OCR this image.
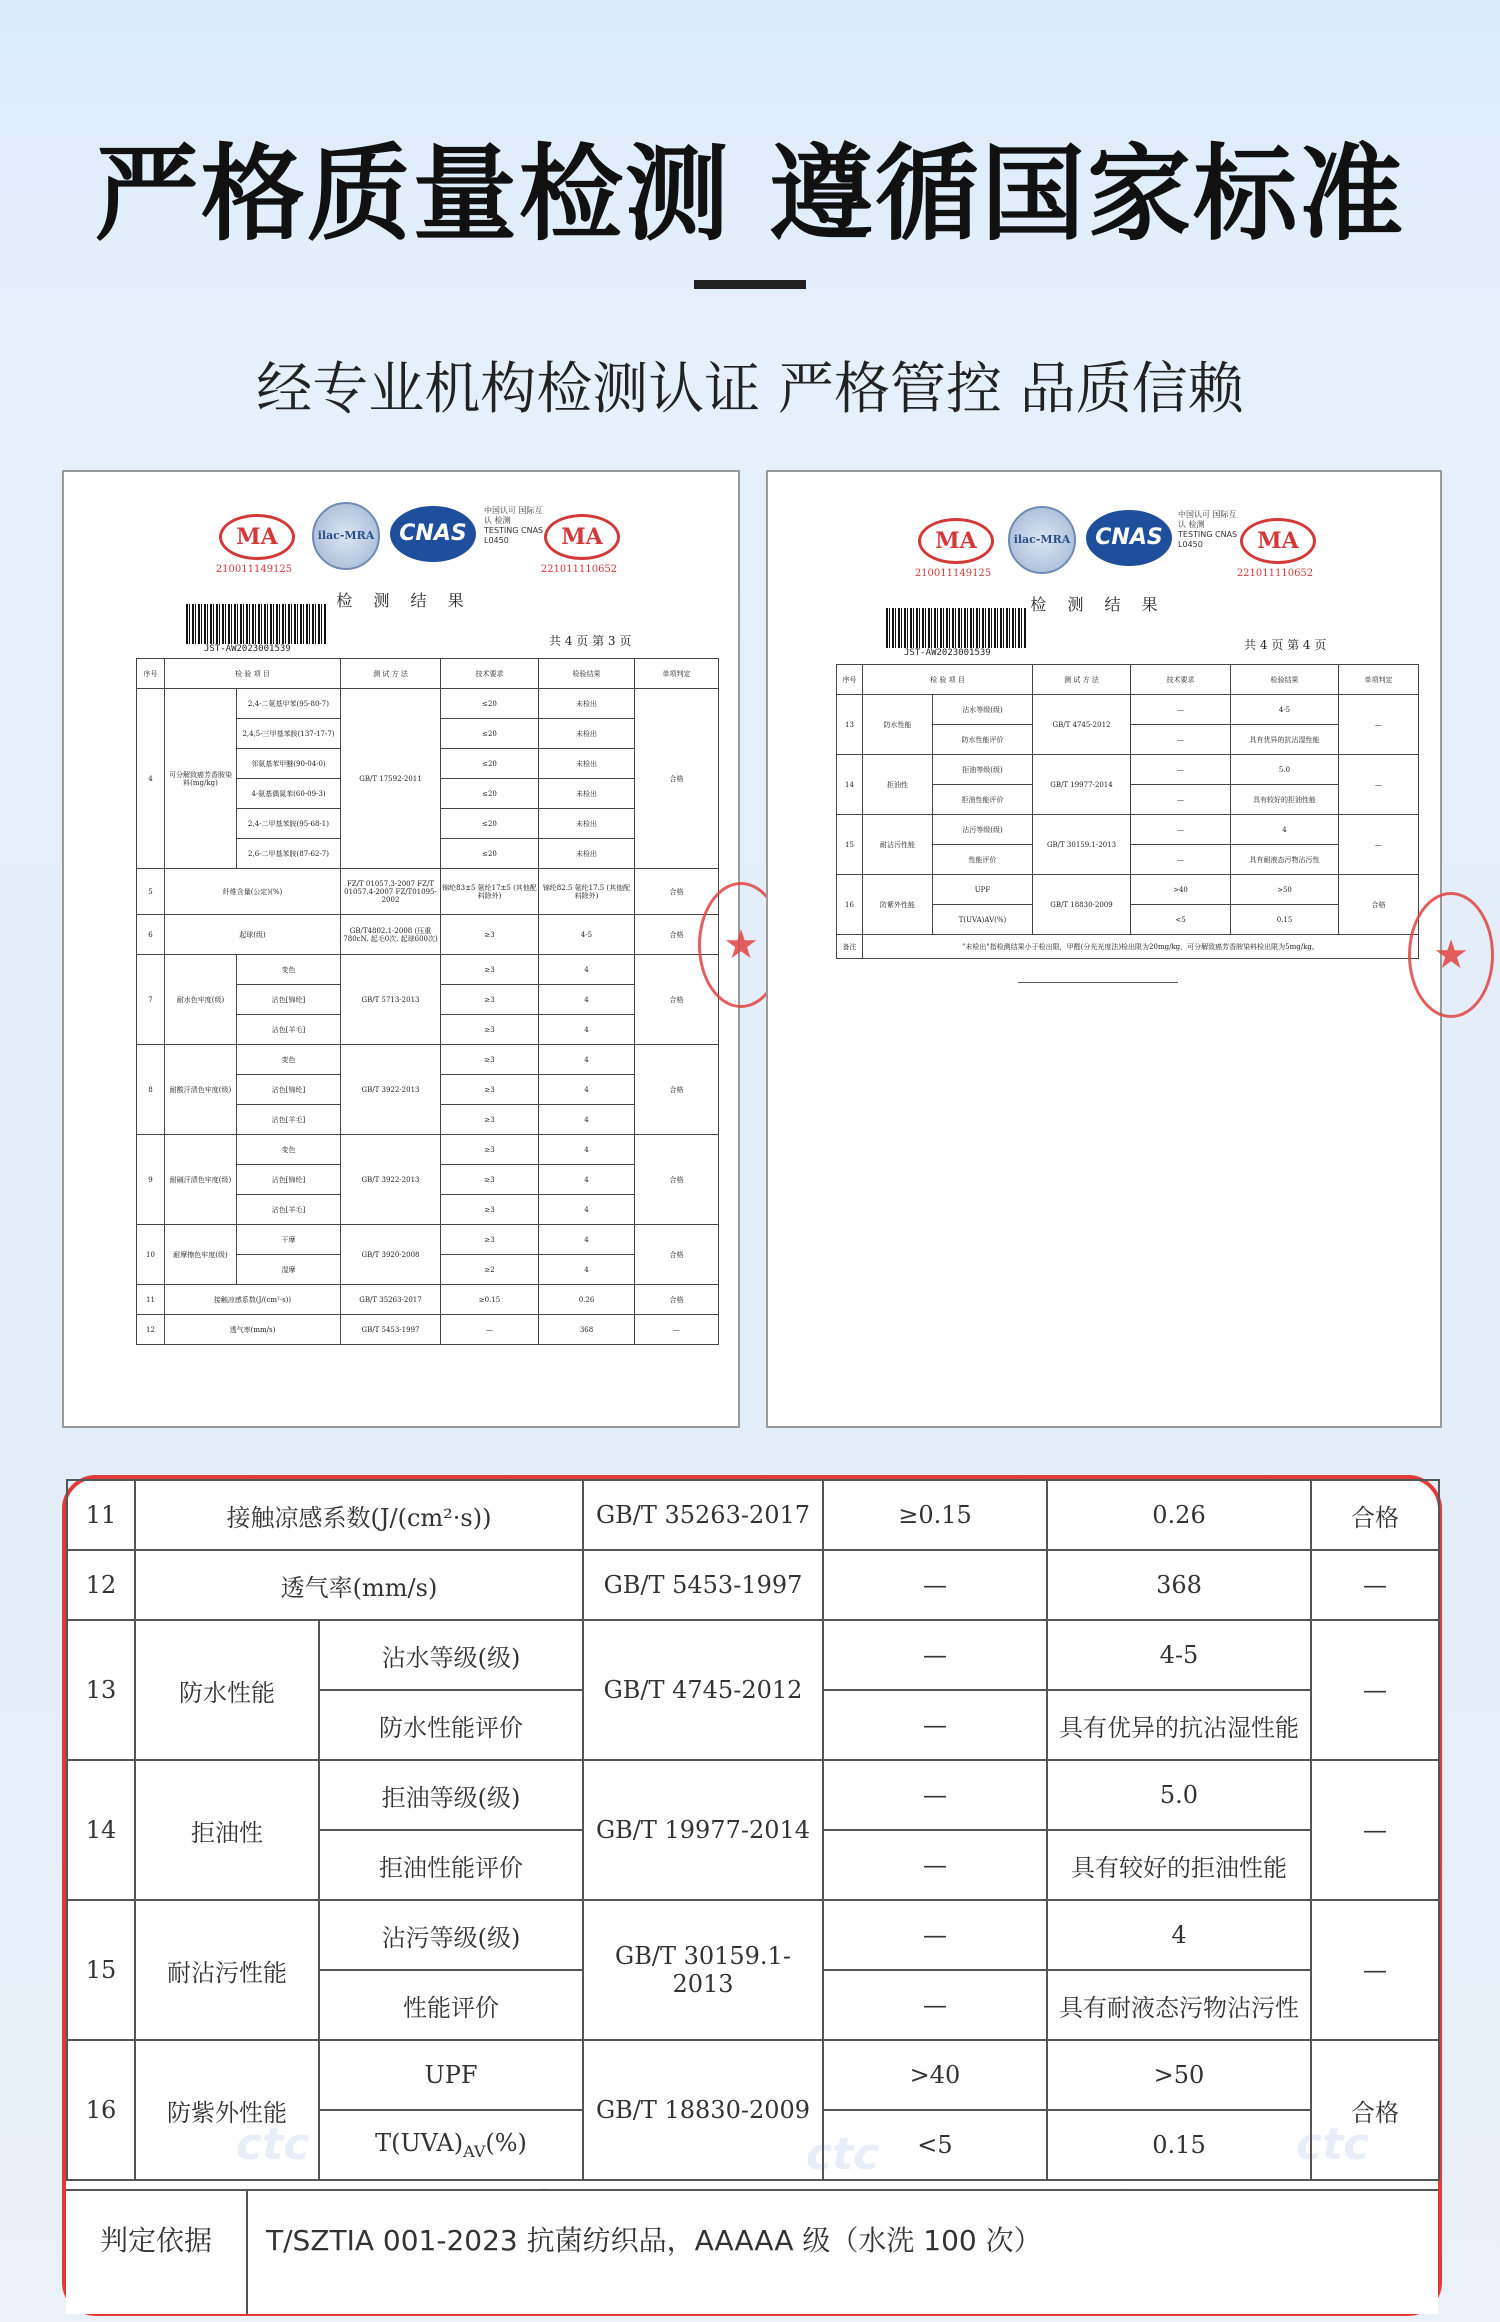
严格质量检测 遵循国家标准
经专业机构检测认证 严格管控 品质信赖
MA
210011149125
ilac-MRA	CNAS
中国认可 国际互认 检测 TESTING CNAS L0450	MA
221011110652
检 测 结 果
JST-AW2023001539
共 4 页 第 3 页
序号	检 验 项 目		测 试 方 法	技术要求	检验结果	单项判定
4	可分解致癌芳香胺染料(mg/kg)	2,4-二氨基甲苯(95-80-7)	GB/T 17592-2011	≤20	未检出	合格
		2,4,5-三甲基苯胺(137-17-7)		≤20	未检出	
		邻氨基苯甲醚(90-04-0)		≤20	未检出	
		4-氨基偶氮苯(60-09-3)		≤20	未检出	
		2,4-二甲基苯胺(95-68-1)		≤20	未检出	
		2,6-二甲基苯胺(87-62-7)		≤20	未检出	
5	纤维含量(公定)(%)		FZ/T 01057.3-2007 FZ/T 01057.4-2007 FZ/T01095-2002	锦纶83±5 氨纶17±5 (其他配料除外)	锦纶82.5 氨纶17.5 (其他配料除外)	合格
6	起球(级)		GB/T4802.1-2008 (压重780cN, 起毛0次, 起球600次)	≥3	4-5	合格
7	耐水色牢度(级)	变色	GB/T 5713-2013	≥3	4	合格
		沾色[锦纶]		≥3	4	
		沾色[羊毛]		≥3	4	
8	耐酸汗渍色牢度(级)	变色	GB/T 3922-2013	≥3	4	合格
		沾色[锦纶]		≥3	4	
		沾色[羊毛]		≥3	4	
9	耐碱汗渍色牢度(级)	变色	GB/T 3922-2013	≥3	4	合格
		沾色[锦纶]		≥3	4	
		沾色[羊毛]		≥3	4	
10	耐摩擦色牢度(级)	干摩	GB/T 3920-2008	≥3	4	合格
		湿摩		≥2	4	
11	接触凉感系数(J/(cm²·s))		GB/T 35263-2017	≥0.15	0.26	合格
12	透气率(mm/s)		GB/T 5453-1997	—	368	—
★
MA
210011149125
ilac-MRA	CNAS
中国认可 国际互认 检测 TESTING CNAS L0450	MA
221011110652
检 测 结 果
JST-AW2023001539
共 4 页 第 4 页
序号	检 验 项 目		测 试 方 法	技术要求	检验结果	单项判定
13	防水性能	沾水等级(级)	GB/T 4745-2012	—	4-5	—
		防水性能评价		—	具有优异的抗沾湿性能	
14	拒油性	拒油等级(级)	GB/T 19977-2014	—	5.0	—
		拒油性能评价		—	具有较好的拒油性能	
15	耐沾污性能	沾污等级(级)	GB/T 30159.1-2013	—	4	—
		性能评价		—	具有耐液态污物沾污性	
16	防紫外性能	UPF	GB/T 18830-2009	>40	>50	合格
		T(UVA)AV(%)		<5	0.15	
备注	"未检出"指检测结果小于检出限，甲醛(分光光度法)检出限为20mg/kg，可分解致癌芳香胺染料检出限为5mg/kg。						★
ctc	ctc	ctc
11	接触凉感系数(J/(cm²·s))		GB/T 35263-2017	≥0.15	0.26	合格
12	透气率(mm/s)		GB/T 5453-1997	—	368	—
13	防水性能	沾水等级(级)	GB/T 4745-2012	—	4-5	—
		防水性能评价		—	具有优异的抗沾湿性能	
14	拒油性	拒油等级(级)	GB/T 19977-2014	—	5.0	—
		拒油性能评价		—	具有较好的拒油性能	
15	耐沾污性能	沾污等级(级)	GB/T 30159.1-2013	—	4	—
		性能评价		—	具有耐液态污物沾污性	
16	防紫外性能	UPF	GB/T 18830-2009	>40	>50	合格
		$T(UVA)_{AV}(\%)$		<5	0.15	
判定依据	T/SZTIA 001-2023 抗菌纺织品，AAAAA 级（水洗 100 次）
